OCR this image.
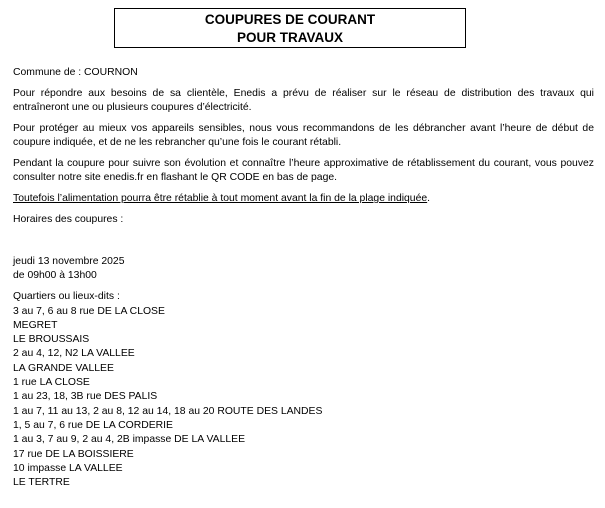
COUPURES DE COURANT
POUR TRAVAUX

Commune de : COURNON

Pour répondre aux besoins de sa clientèle, Enedis a prévu de réaliser sur le réseau de distribution des travaux qui entraîneront une ou plusieurs coupures d’électricité.

Pour protéger au mieux vos appareils sensibles, nous vous recommandons de les débrancher avant l’heure de début de coupure indiquée, et de ne les rebrancher qu’une fois le courant rétabli.

Pendant la coupure pour suivre son évolution et connaître l’heure approximative de rétablissement du courant, vous pouvez consulter notre site enedis.fr en flashant le QR CODE en bas de page.

Toutefois l’alimentation pourra être rétablie à tout moment avant la fin de la plage indiquée.

Horaires des coupures :
jeudi 13 novembre 2025
de 09h00 à 13h00
Quartiers ou lieux-dits :
3 au 7, 6 au 8 rue DE LA CLOSE
MEGRET
LE BROUSSAIS
2 au 4, 12, N2 LA VALLEE
LA GRANDE VALLEE
1 rue LA CLOSE
1 au 23, 18, 3B rue DES PALIS
1 au 7, 11 au 13, 2 au 8, 12 au 14, 18 au 20 ROUTE DES LANDES
1, 5 au 7, 6 rue DE LA CORDERIE
1 au 3, 7 au 9, 2 au 4, 2B impasse DE LA VALLEE
17 rue DE LA BOISSIERE
10 impasse LA VALLEE
LE TERTRE
